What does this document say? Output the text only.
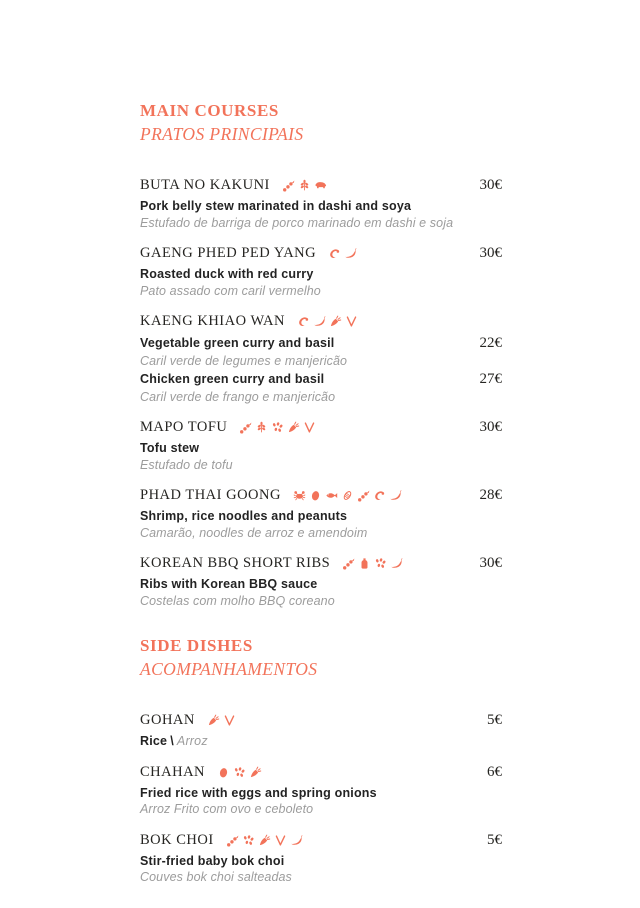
MAIN COURSES
PRATOS PRINCIPAIS
BUTA NO KAKUNI	30€

Pork belly stew marinated in dashi and soya

Estufado de barriga de porco marinado em dashi e soja

GAENG PHED PED YANG	30€

Roasted duck with red curry

Pato assado com caril vermelho

KAENG KHIAO WAN

Vegetable green curry and basil	22€

Caril verde de legumes e manjericão

Chicken green curry and basil	27€

Caril verde de frango e manjericão

MAPO TOFU	30€

Tofu stew

Estufado de tofu

PHAD THAI GOONG	28€

Shrimp, rice noodles and peanuts

Camarão, noodles de arroz e amendoim

KOREAN BBQ SHORT RIBS	30€

Ribs with Korean BBQ sauce

Costelas com molho BBQ coreano

SIDE DISHES
ACOMPANHAMENTOS
GOHAN	5€

Rice \ Arroz

CHAHAN	6€

Fried rice with eggs and spring onions

Arroz Frito com ovo e ceboleto

BOK CHOI	5€

Stir-fried baby bok choi

Couves bok choi salteadas
